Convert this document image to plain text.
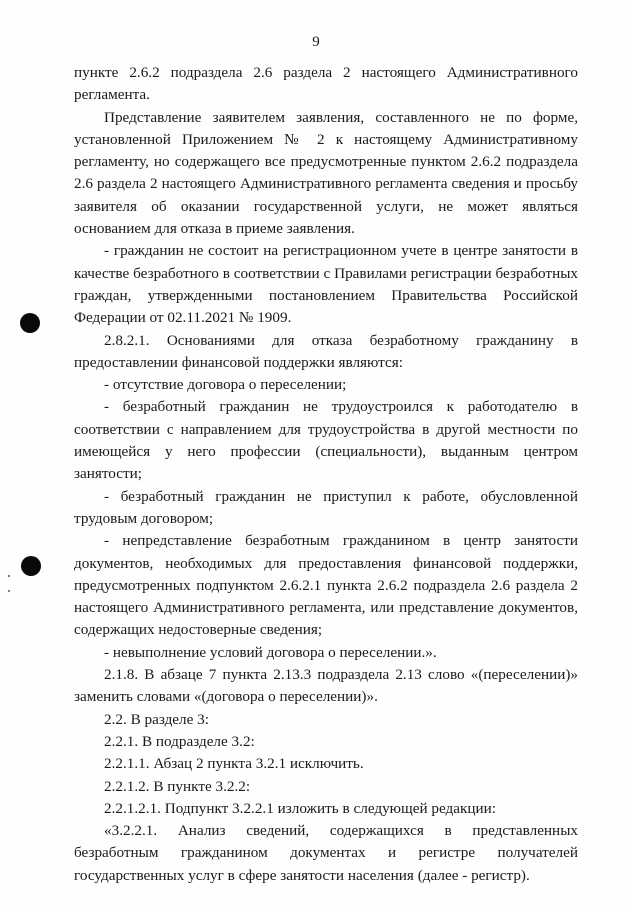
9

пункте 2.6.2 подраздела 2.6 раздела 2 настоящего Административного регламента.

Представление заявителем заявления, составленного не по форме, установленной Приложением № 2 к настоящему Административному регламенту, но содержащего все предусмотренные пунктом 2.6.2 подраздела 2.6 раздела 2 настоящего Административного регламента сведения и просьбу заявителя об оказании государственной услуги, не может являться основанием для отказа в приеме заявления.

- гражданин не состоит на регистрационном учете в центре занятости в качестве безработного в соответствии с Правилами регистрации безработных граждан, утвержденными постановлением Правительства Российской Федерации от 02.11.2021 № 1909.

2.8.2.1. Основаниями для отказа безработному гражданину в предоставлении финансовой поддержки являются:

- отсутствие договора о переселении;

- безработный гражданин не трудоустроился к работодателю в соответствии с направлением для трудоустройства в другой местности по имеющейся у него профессии (специальности), выданным центром занятости;

- безработный гражданин не приступил к работе, обусловленной трудовым договором;

- непредставление безработным гражданином в центр занятости документов, необходимых для предоставления финансовой поддержки, предусмотренных подпунктом 2.6.2.1 пункта 2.6.2 подраздела 2.6 раздела 2 настоящего Административного регламента, или представление документов, содержащих недостоверные сведения;

- невыполнение условий договора о переселении.».

2.1.8. В абзаце 7 пункта 2.13.3 подраздела 2.13 слово «(переселении)» заменить словами «(договора о переселении)».

2.2. В разделе 3:

2.2.1. В подразделе 3.2:

2.2.1.1. Абзац 2 пункта 3.2.1 исключить.

2.2.1.2. В пункте 3.2.2:

2.2.1.2.1. Подпункт 3.2.2.1 изложить в следующей редакции:

«3.2.2.1. Анализ сведений, содержащихся в представленных безработным гражданином документах и регистре получателей государственных услуг в сфере занятости населения (далее - регистр).
